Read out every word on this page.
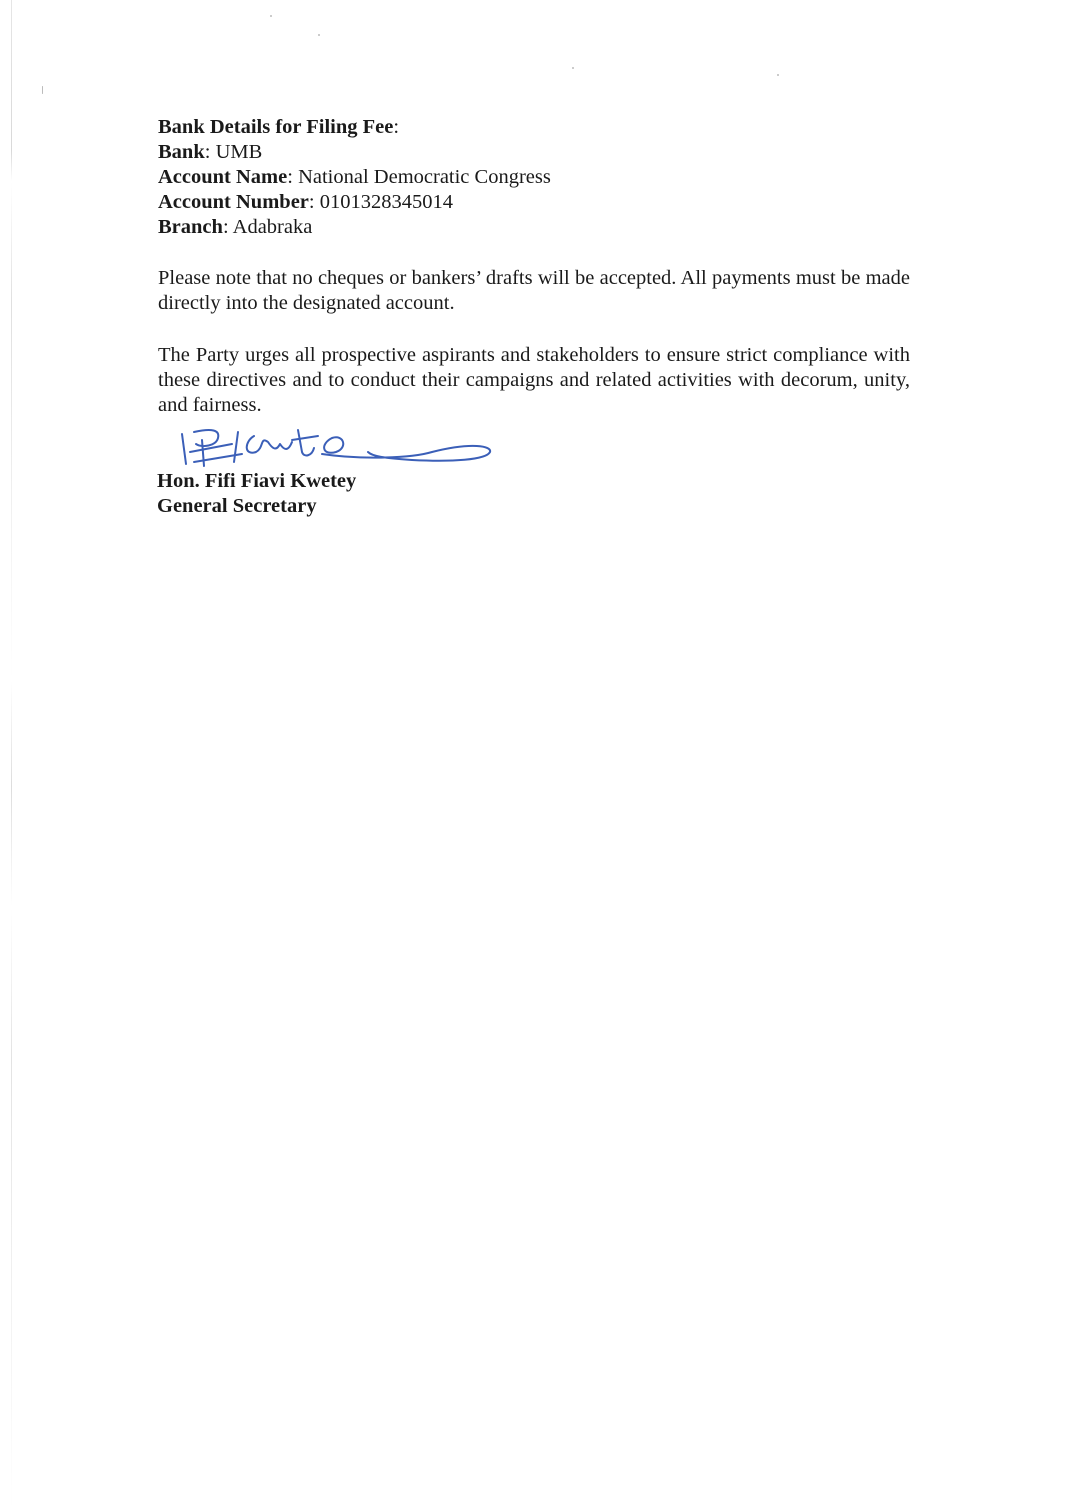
Bank Details for Filing Fee:

Bank: UMB

Account Name: National Democratic Congress

Account Number: 0101328345014

Branch: Adabraka

Please note that no cheques or bankers’ drafts will be accepted. All payments must be made directly into the designated account.

The Party urges all prospective aspirants and stakeholders to ensure strict compliance with these directives and to conduct their campaigns and related activities with decorum, unity, and fairness.

Hon. Fifi Fiavi Kwetey

General Secretary
